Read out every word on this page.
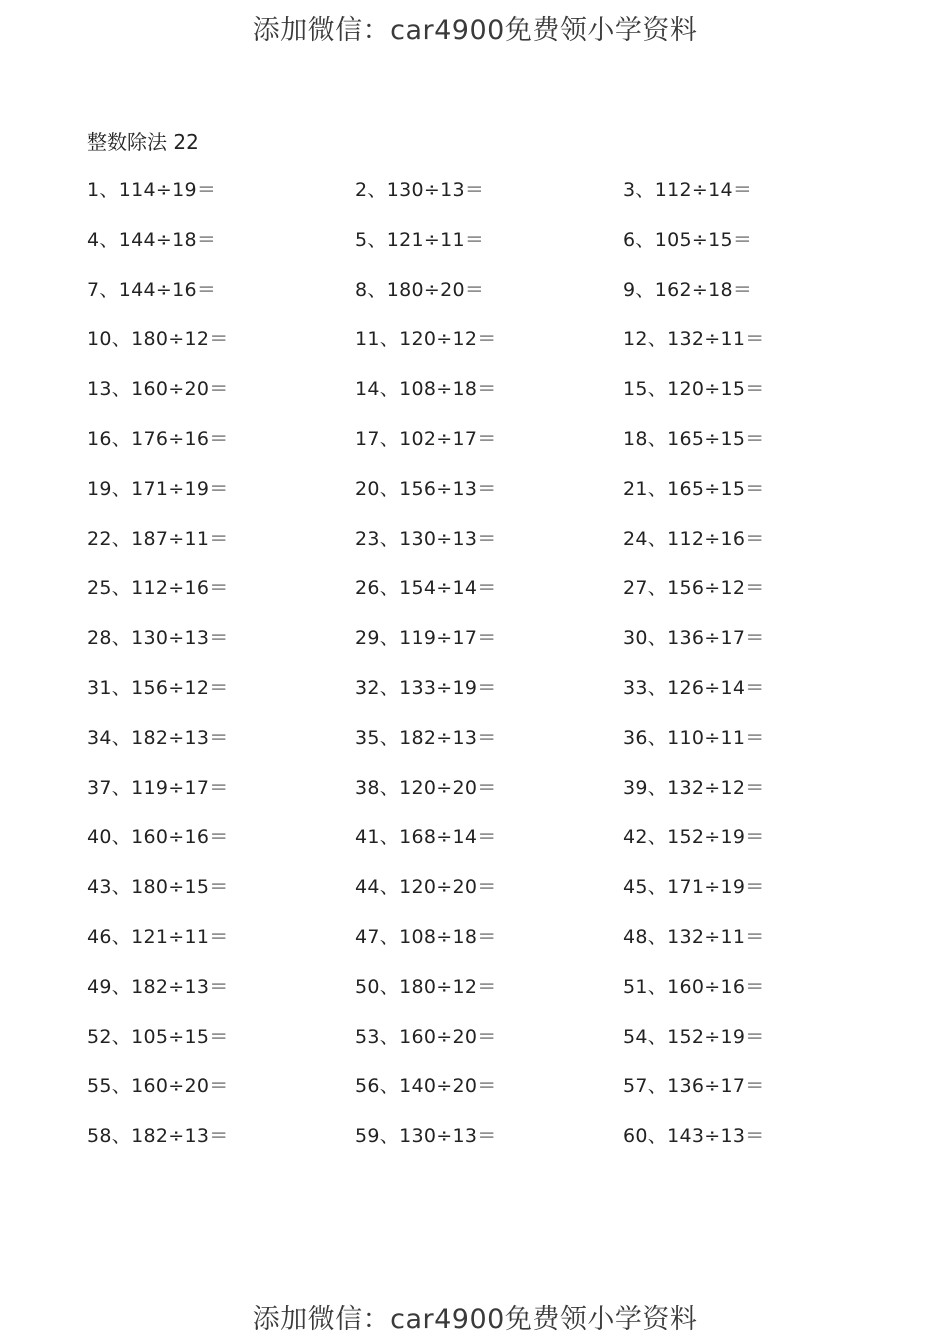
添加微信：car4900免费领小学资料
整数除法 22
1、114÷19＝	2、130÷13＝	3、112÷14＝
4、144÷18＝	5、121÷11＝	6、105÷15＝
7、144÷16＝	8、180÷20＝	9、162÷18＝
10、180÷12＝	11、120÷12＝	12、132÷11＝
13、160÷20＝	14、108÷18＝	15、120÷15＝
16、176÷16＝	17、102÷17＝	18、165÷15＝
19、171÷19＝	20、156÷13＝	21、165÷15＝
22、187÷11＝	23、130÷13＝	24、112÷16＝
25、112÷16＝	26、154÷14＝	27、156÷12＝
28、130÷13＝	29、119÷17＝	30、136÷17＝
31、156÷12＝	32、133÷19＝	33、126÷14＝
34、182÷13＝	35、182÷13＝	36、110÷11＝
37、119÷17＝	38、120÷20＝	39、132÷12＝
40、160÷16＝	41、168÷14＝	42、152÷19＝
43、180÷15＝	44、120÷20＝	45、171÷19＝
46、121÷11＝	47、108÷18＝	48、132÷11＝
49、182÷13＝	50、180÷12＝	51、160÷16＝
52、105÷15＝	53、160÷20＝	54、152÷19＝
55、160÷20＝	56、140÷20＝	57、136÷17＝
58、182÷13＝	59、130÷13＝	60、143÷13＝
添加微信：car4900免费领小学资料
